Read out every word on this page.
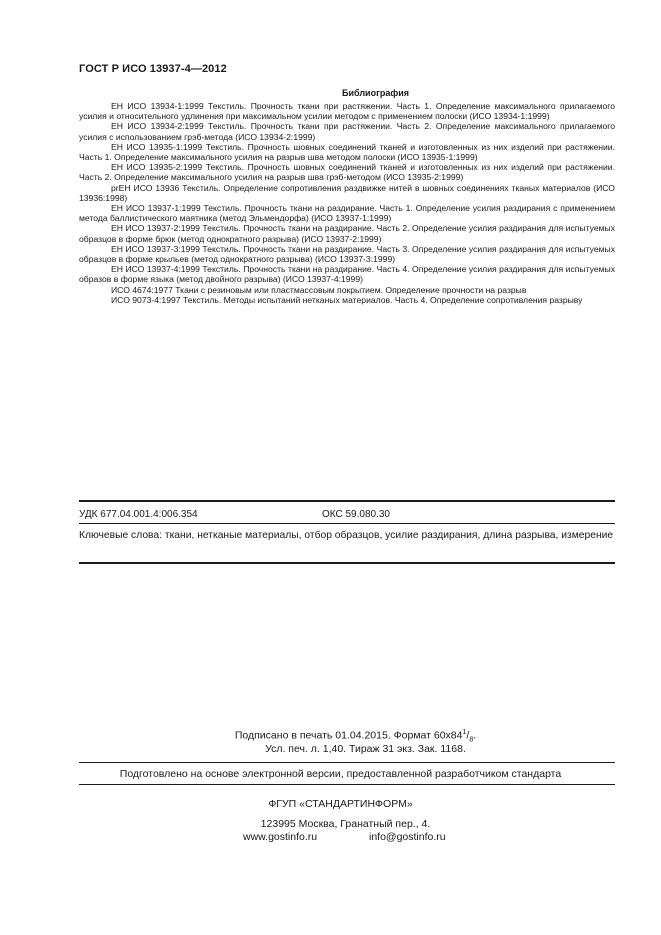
ГОСТ Р ИСО 13937-4—2012
Библиография

ЕН ИСО 13934-1:1999 Текстиль. Прочность ткани при растяжении. Часть 1. Определение максимального прилагаемого усилия и относительного удлинения при максимальном усилии методом с применением полоски (ИСО 13934-1:1999)

ЕН ИСО 13934-2:1999 Текстиль. Прочность ткани при растяжении. Часть 2. Определение максимального прилагаемого усилия с использованием грэб-метода (ИСО 13934-2:1999)

ЕН ИСО 13935-1:1999 Текстиль. Прочность шовных соединений тканей и изготовленных из них изделий при растяжении. Часть 1. Определение максимального усилия на разрыв шва методом полоски (ИСО 13935-1:1999)

ЕН ИСО 13935-2:1999 Текстиль. Прочность шовных соединений тканей и изготовленных из них изделий при растяжении. Часть 2. Определение максимального усилия на разрыв шва грэб-методом (ИСО 13935-2:1999)

prЕН ИСО 13936 Текстиль. Определение сопротивления раздвижке нитей в шовных соединениях тканых материалов (ИСО 13936:1998)

ЕН ИСО 13937-1:1999 Текстиль. Прочность ткани на раздирание. Часть 1. Определение усилия раздирания с применением метода баллистического маятника (метод Эльмендорфа) (ИСО 13937-1:1999)

ЕН ИСО 13937-2:1999 Текстиль. Прочность ткани на раздирание. Часть 2. Определение усилия раздирания для испытуемых образцов в форме брюк (метод однократного разрыва) (ИСО 13937-2:1999)

ЕН ИСО 13937-3:1999 Текстиль. Прочность ткани на раздирание. Часть 3. Определение усилия раздирания для испытуемых образцов в форме крыльев (метод однократного разрыва) (ИСО 13937-3:1999)

ЕН ИСО 13937-4:1999 Текстиль. Прочность ткани на раздирание. Часть 4. Определение усилия раздирания для испытуемых образов в форме языка (метод двойного разрыва) (ИСО 13937-4:1999)

ИСО 4674:1977 Ткани с резиновым или пластмассовым покрытием. Определение прочности на разрыв

ИСО 9073-4:1997 Текстиль. Методы испытаний нетканых материалов. Часть 4. Определение сопротивления разрыву

УДК 677.04.001.4:006.354	ОКС 59.080.30
Ключевые слова: ткани, нетканые материалы, отбор образцов, усилие раздирания, длина разрыва, измерение
Подписано в печать 01.04.2015. Формат $60x84^1/_8$.
Усл. печ. л. 1,40. Тираж 31 экз. Зак. 1168.
Подготовлено на основе электронной версии, предоставленной разработчиком стандарта
ФГУП «СТАНДАРТИНФОРМ»
123995 Москва, Гранатный пер., 4.
www.gostinfo.ru	info@gostinfo.ru
